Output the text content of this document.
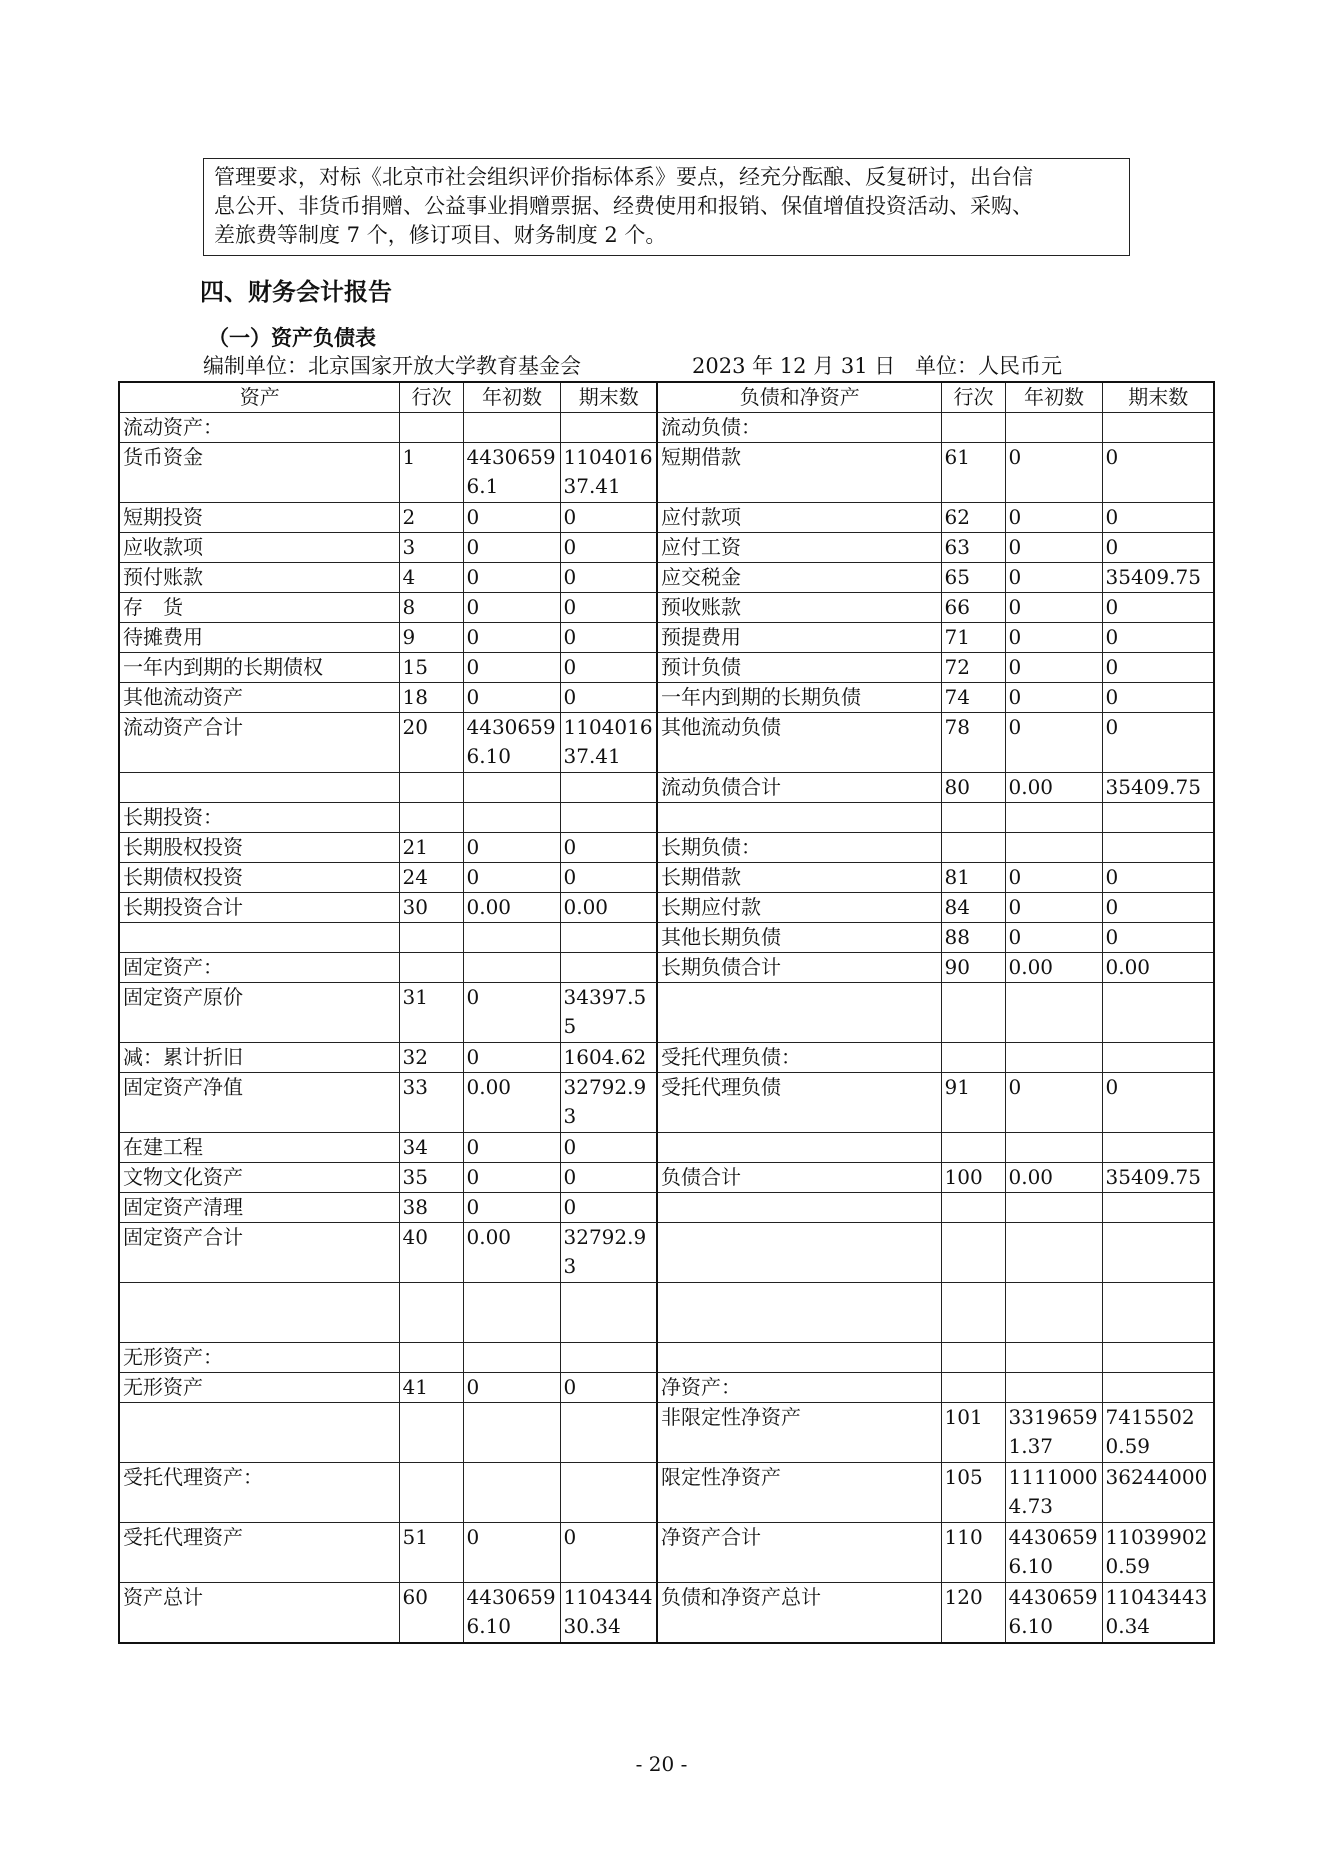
管理要求，对标《北京市社会组织评价指标体系》要点，经充分酝酿、反复研讨，出台信
息公开、非货币捐赠、公益事业捐赠票据、经费使用和报销、保值增值投资活动、采购、
差旅费等制度 7 个，修订项目、财务制度 2 个。
四、财务会计报告
（一）资产负债表
编制单位：北京国家开放大学教育基金会	2023 年 12 月 31 日 单位：人民币元
资产	行次	年初数	期末数	负债和净资产	行次	年初数	期末数
流动资产：				流动负债：			
货币资金	1	44306596.1	110401637.41	短期借款	61	0	0
短期投资	2	0	0	应付款项	62	0	0
应收款项	3	0	0	应付工资	63	0	0
预付账款	4	0	0	应交税金	65	0	35409.75
存　货	8	0	0	预收账款	66	0	0
待摊费用	9	0	0	预提费用	71	0	0
一年内到期的长期债权	15	0	0	预计负债	72	0	0
其他流动资产	18	0	0	一年内到期的长期负债	74	0	0
流动资产合计	20	44306596.10	110401637.41	其他流动负债	78	0	0
				流动负债合计	80	0.00	35409.75
长期投资：							
长期股权投资	21	0	0	长期负债：			
长期债权投资	24	0	0	长期借款	81	0	0
长期投资合计	30	0.00	0.00	长期应付款	84	0	0
				其他长期负债	88	0	0
固定资产：				长期负债合计	90	0.00	0.00
固定资产原价	31	0	34397.55				
减：累计折旧	32	0	1604.62	受托代理负债：			
固定资产净值	33	0.00	32792.93	受托代理负债	91	0	0
在建工程	34	0	0				
文物文化资产	35	0	0	负债合计	100	0.00	35409.75
固定资产清理	38	0	0				
固定资产合计	40	0.00	32792.93				

无形资产：							
无形资产	41	0	0	净资产：			
				非限定性净资产	101	33196591.37	74155020.59
受托代理资产：				限定性净资产	105	11110004.73	36244000
受托代理资产	51	0	0	净资产合计	110	44306596.10	110399020.59
资产总计	60	44306596.10	110434430.34	负债和净资产总计	120	44306596.10	110434430.34
- 20 -
